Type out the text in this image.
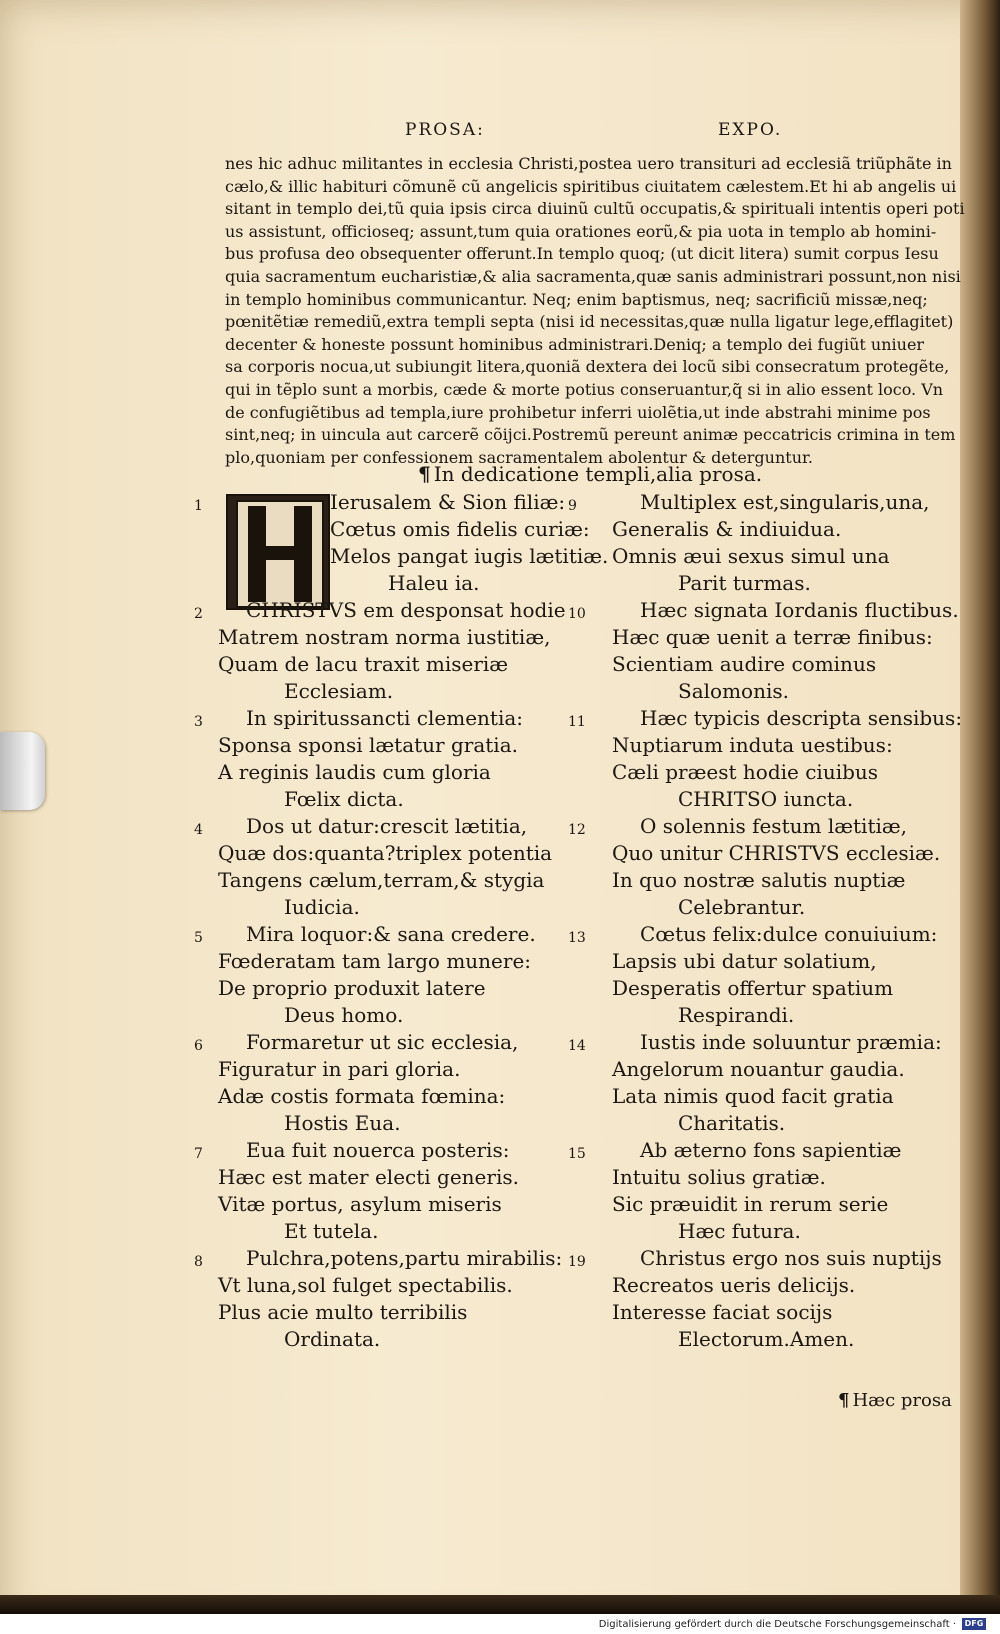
PROSA:	EXPO.
nes hic adhuc militantes in ecclesia Christi,postea uero transituri ad ecclesiã triũphãte in
cælo,& illic habituri cõmunẽ cũ angelicis spiritibus ciuitatem cælestem.Et hi ab angelis ui
sitant in templo dei,tũ quia ipsis circa diuinũ cultũ occupatis,& spirituali intentis operi poti
us assistunt, officioseq; assunt,tum quia orationes eorũ,& pia uota in templo ab homini-
bus profusa deo obsequenter offerunt.In templo quoq; (ut dicit litera) sumit corpus Iesu
quia sacramentum eucharistiæ,& alia sacramenta,quæ sanis administrari possunt,non nisi
in templo hominibus communicantur. Neq; enim baptismus, neq; sacrificiũ missæ,neq;
pœnitẽtiæ remediũ,extra templi septa (nisi id necessitas,quæ nulla ligatur lege,efflagitet)
decenter & honeste possunt hominibus administrari.Deniq; a templo dei fugiũt uniuer
sa corporis nocua,ut subiungit litera,quoniã dextera dei locũ sibi consecratum protegẽte,
qui in tẽplo sunt a morbis, cæde & morte potius conseruantur,q̃ si in alio essent loco. Vn
de confugiẽtibus ad templa,iure prohibetur inferri uiolẽtia,ut inde abstrahi minime pos
sint,neq; in uincula aut carcerẽ cõijci.Postremũ pereunt animæ peccatricis crimina in tem
plo,quoniam per confessionem sacramentalem abolentur & deterguntur.
¶ In dedicatione templi,alia prosa.
1	Ierusalem & Sion filiæ:
Cœtus omis fidelis curiæ:
Melos pangat iugis lætitiæ.
Haleu ia.
2	CHRISTVS em desponsat hodie
Matrem nostram norma iustitiæ,
Quam de lacu traxit miseriæ
Ecclesiam.
3	In spiritussancti clementia:
Sponsa sponsi lætatur gratia.
A reginis laudis cum gloria
Fœlix dicta.
4	Dos ut datur:crescit lætitia,
Quæ dos:quanta?triplex potentia
Tangens cælum,terram,& stygia
Iudicia.
5	Mira loquor:& sana credere.
Fœderatam tam largo munere:
De proprio produxit latere
Deus homo.
6	Formaretur ut sic ecclesia,
Figuratur in pari gloria.
Adæ costis formata fœmina:
Hostis Eua.
7	Eua fuit nouerca posteris:
Hæc est mater electi generis.
Vitæ portus, asylum miseris
Et tutela.
8	Pulchra,potens,partu mirabilis:
Vt luna,sol fulget spectabilis.
Plus acie multo terribilis
Ordinata.
9	Multiplex est,singularis,una,
Generalis & indiuidua.
Omnis æui sexus simul una
Parit turmas.
10	Hæc signata Iordanis fluctibus.
Hæc quæ uenit a terræ finibus:
Scientiam audire cominus
Salomonis.
11	Hæc typicis descripta sensibus:
Nuptiarum induta uestibus:
Cæli præest hodie ciuibus
CHRITSO iuncta.
12	O solennis festum lætitiæ,
Quo unitur CHRISTVS ecclesiæ.
In quo nostræ salutis nuptiæ
Celebrantur.
13	Cœtus felix:dulce conuiuium:
Lapsis ubi datur solatium,
Desperatis offertur spatium
Respirandi.
14	Iustis inde soluuntur præmia:
Angelorum nouantur gaudia.
Lata nimis quod facit gratia
Charitatis.
15	Ab æterno fons sapientiæ
Intuitu solius gratiæ.
Sic præuidit in rerum serie
Hæc futura.
19	Christus ergo nos suis nuptijs
Recreatos ueris delicijs.
Interesse faciat socijs
Electorum.Amen.
¶ Hæc prosa
Digitalisierung gefördert durch die Deutsche Forschungsgemeinschaft ·	DFG
